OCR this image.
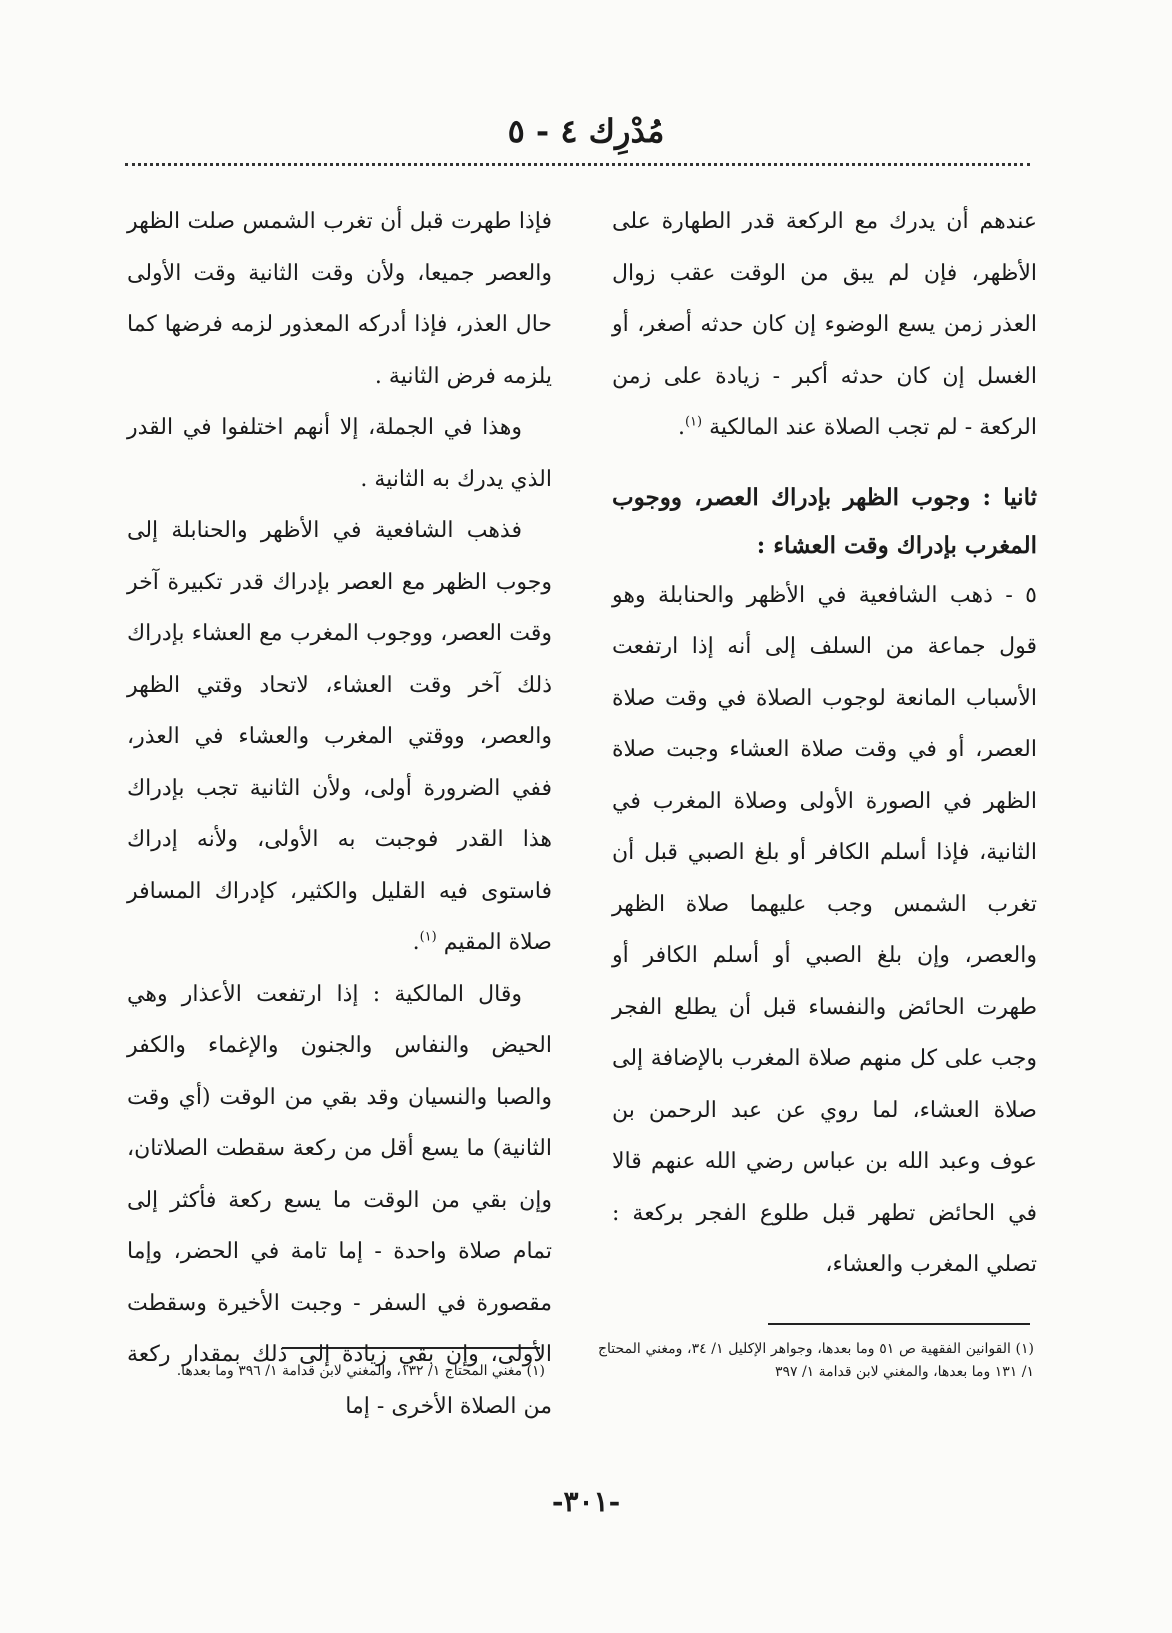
مُدْرِك ٤ - ٥

عندهم أن يدرك مع الركعة قدر الطهارة على الأظهر، فإن لم يبق من الوقت عقب زوال العذر زمن يسع الوضوء إن كان حدثه أصغر، أو الغسل إن كان حدثه أكبر - زيادة على زمن الركعة - لم تجب الصلاة عند المالكية $^{(١)}$.

ثانيا : وجوب الظهر بإدراك العصر، ووجوب المغرب بإدراك وقت العشاء :

٥ - ذهب الشافعية في الأظهر والحنابلة وهو قول جماعة من السلف إلى أنه إذا ارتفعت الأسباب المانعة لوجوب الصلاة في وقت صلاة العصر، أو في وقت صلاة العشاء وجبت صلاة الظهر في الصورة الأولى وصلاة المغرب في الثانية، فإذا أسلم الكافر أو بلغ الصبي قبل أن تغرب الشمس وجب عليهما صلاة الظهر والعصر، وإن بلغ الصبي أو أسلم الكافر أو طهرت الحائض والنفساء قبل أن يطلع الفجر وجب على كل منهم صلاة المغرب بالإضافة إلى صلاة العشاء، لما روي عن عبد الرحمن بن عوف وعبد الله بن عباس رضي الله عنهم قالا في الحائض تطهر قبل طلوع الفجر بركعة : تصلي المغرب والعشاء،

فإذا طهرت قبل أن تغرب الشمس صلت الظهر والعصر جميعا، ولأن وقت الثانية وقت الأولى حال العذر، فإذا أدركه المعذور لزمه فرضها كما يلزمه فرض الثانية .

وهذا في الجملة، إلا أنهم اختلفوا في القدر الذي يدرك به الثانية .

فذهب الشافعية في الأظهر والحنابلة إلى وجوب الظهر مع العصر بإدراك قدر تكبيرة آخر وقت العصر، ووجوب المغرب مع العشاء بإدراك ذلك آخر وقت العشاء، لاتحاد وقتي الظهر والعصر، ووقتي المغرب والعشاء في العذر، ففي الضرورة أولى، ولأن الثانية تجب بإدراك هذا القدر فوجبت به الأولى، ولأنه إدراك فاستوى فيه القليل والكثير، كإدراك المسافر صلاة المقيم $^{(١)}$.

وقال المالكية : إذا ارتفعت الأعذار وهي الحيض والنفاس والجنون والإغماء والكفر والصبا والنسيان وقد بقي من الوقت (أي وقت الثانية) ما يسع أقل من ركعة سقطت الصلاتان، وإن بقي من الوقت ما يسع ركعة فأكثر إلى تمام صلاة واحدة - إما تامة في الحضر، وإما مقصورة في السفر - وجبت الأخيرة وسقطت الأولى، وإن بقي زيادة إلى ذلك بمقدار ركعة من الصلاة الأخرى - إما

(١) القوانين الفقهية ص ٥١ وما بعدها، وجواهر الإكليل ١/ ٣٤، ومغني المحتاج ١/ ١٣١ وما بعدها، والمغني لابن قدامة ١/ ٣٩٧
(١) مغني المحتاج ١/ ١٣٢، والمغني لابن قدامة ١/ ٣٩٦ وما بعدها.
-٣٠١-
